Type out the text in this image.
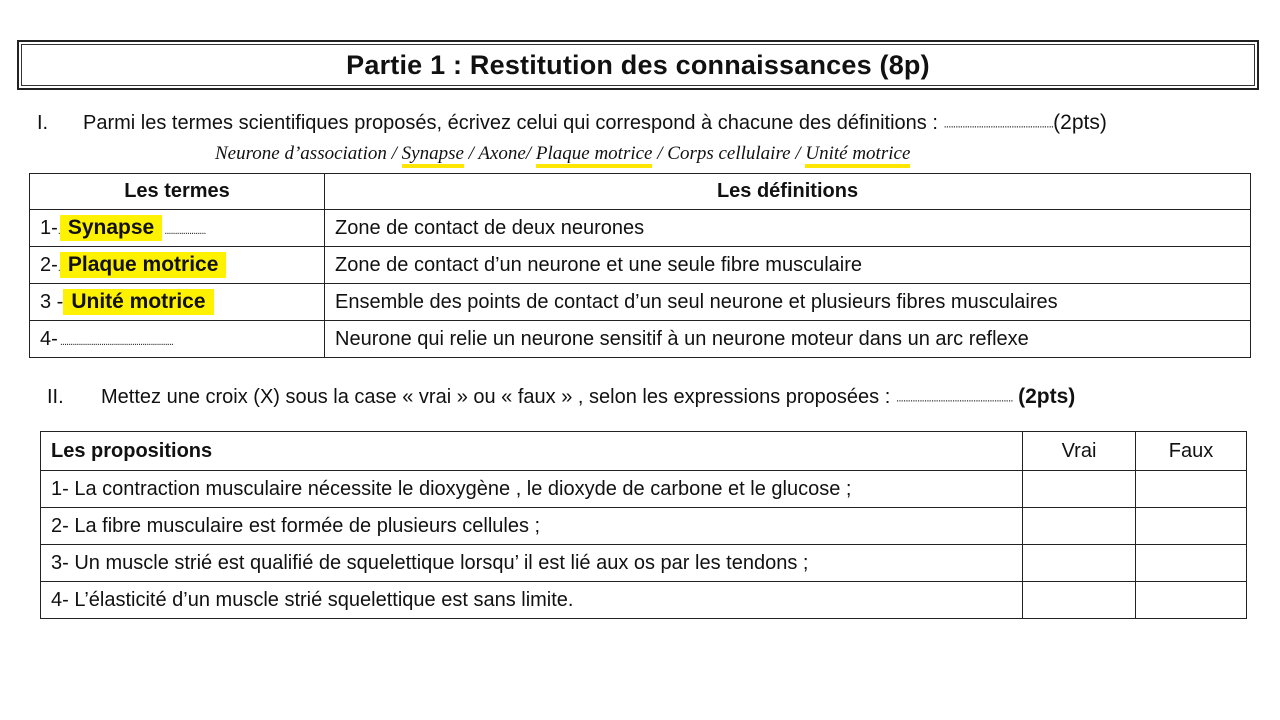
Partie 1 : Restitution des connaissances (8p)
I. Parmi les termes scientifiques proposés, écrivez celui qui correspond à chacune des définitions : ...............................................(2pts)
Neurone d’association / Synapse / Axone/ Plaque motrice / Corps cellulaire / Unité motrice
Les termes	Les définitions
1-. Synapse ....................	Zone de contact de deux neurones
2-. Plaque motrice	Zone de contact d’un neurone et une seule fibre musculaire
3 - Unité motrice	Ensemble des points de contact d’un seul neurone et plusieurs fibres musculaires
4- .......................................................	Neurone qui relie un neurone sensitif à un neurone moteur dans un arc reflexe
II. Mettez une croix (X) sous la case « vrai » ou « faux » , selon les expressions proposées : .................................................. (2pts)
Les propositions	Vrai	Faux
1- La contraction musculaire nécessite le dioxygène , le dioxyde de carbone et le glucose ;		
2- La fibre musculaire est formée de plusieurs cellules ;		
3- Un muscle strié est qualifié de squelettique lorsqu’ il est lié aux os par les tendons ;		
4- L’élasticité d’un muscle strié squelettique est sans limite.		
